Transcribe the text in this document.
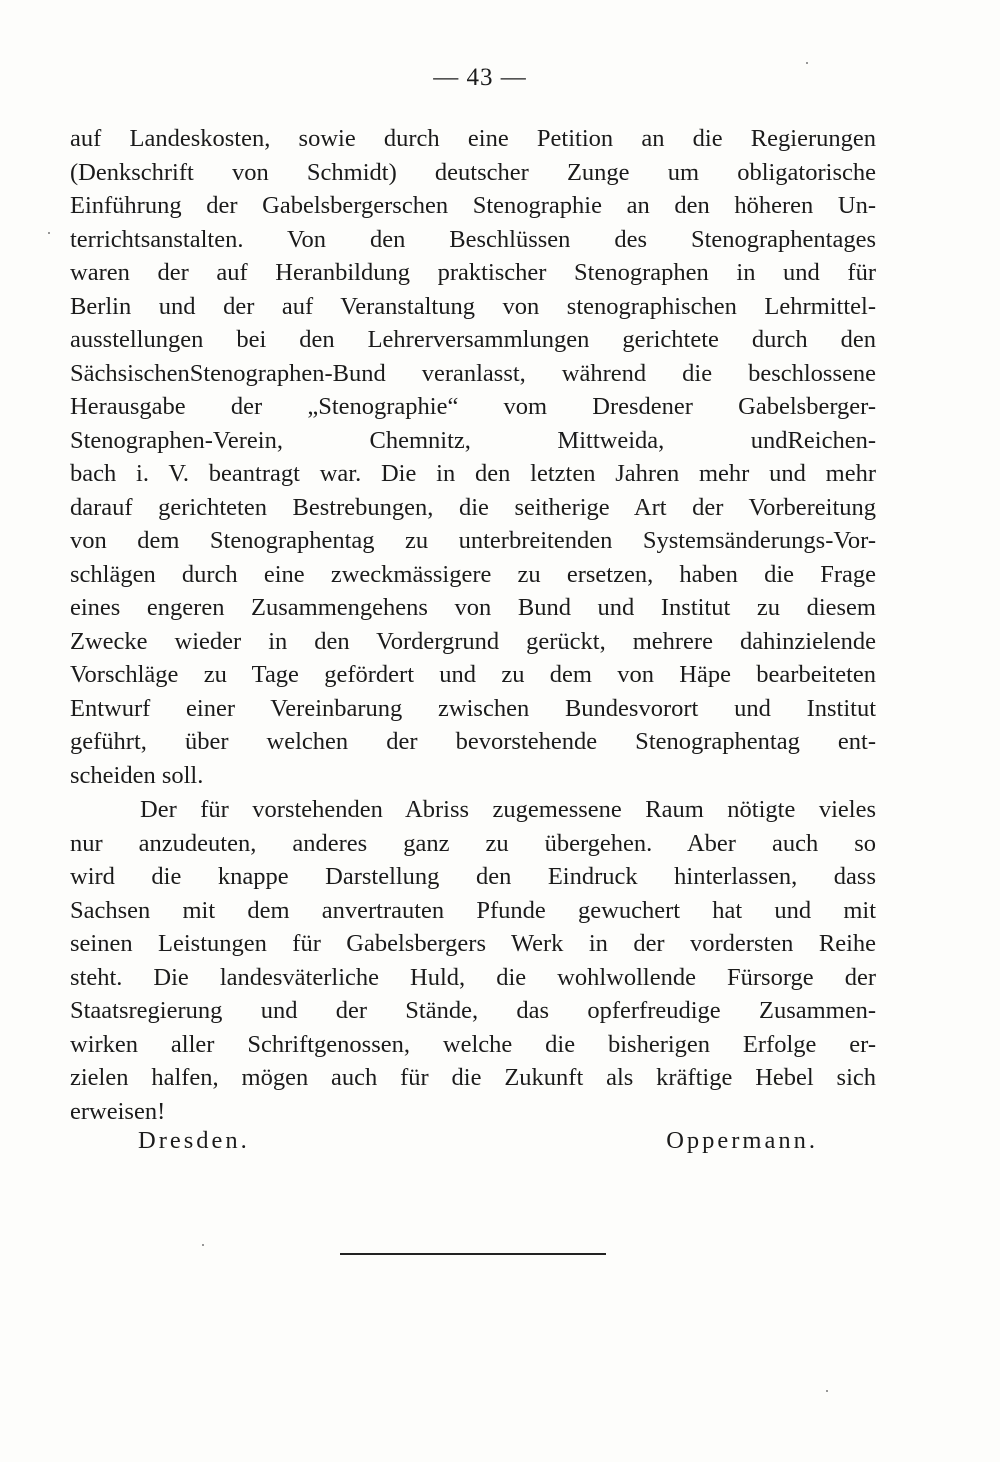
— 43 —
auf Landeskosten, sowie durch eine Petition an die Regierungen
(Denkschrift von Schmidt) deutscher Zunge um obligatorische
Einführung der Gabelsbergerschen Stenographie an den höheren Un-
terrichtsanstalten. Von den Beschlüssen des Stenographentages
waren der auf Heranbildung praktischer Stenographen in und für
Berlin und der auf Veranstaltung von stenographischen Lehrmittel-
ausstellungen bei den Lehrerversammlungen gerichtete durch den
SächsischenStenographen-Bund veranlasst, während die beschlossene
Herausgabe der „Stenographie“ vom Dresdener Gabelsberger-
Stenographen-Verein, Chemnitz, Mittweida, undReichen-
bach i. V. beantragt war. Die in den letzten Jahren mehr und mehr
darauf gerichteten Bestrebungen, die seitherige Art der Vorbereitung
von dem Stenographentag zu unterbreitenden Systemsänderungs-Vor-
schlägen durch eine zweckmässigere zu ersetzen, haben die Frage
eines engeren Zusammengehens von Bund und Institut zu diesem
Zwecke wieder in den Vordergrund gerückt, mehrere dahinzielende
Vorschläge zu Tage gefördert und zu dem von Häpe bearbeiteten
Entwurf einer Vereinbarung zwischen Bundesvorort und Institut
geführt, über welchen der bevorstehende Stenographentag ent-
scheiden soll.
Der für vorstehenden Abriss zugemessene Raum nötigte vieles
nur anzudeuten, anderes ganz zu übergehen. Aber auch so
wird die knappe Darstellung den Eindruck hinterlassen, dass
Sachsen mit dem anvertrauten Pfunde gewuchert hat und mit
seinen Leistungen für Gabelsbergers Werk in der vordersten Reihe
steht. Die landesväterliche Huld, die wohlwollende Fürsorge der
Staatsregierung und der Stände, das opferfreudige Zusammen-
wirken aller Schriftgenossen, welche die bisherigen Erfolge er-
zielen halfen, mögen auch für die Zukunft als kräftige Hebel sich
erweisen!
Dresden.	Oppermann.
